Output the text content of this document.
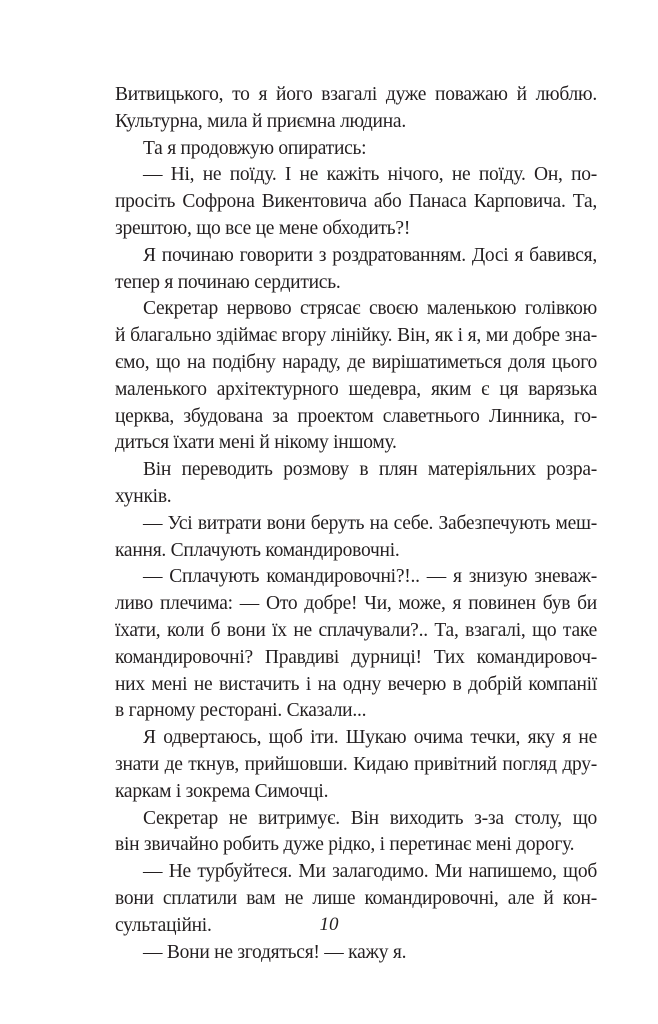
Витвицького, то я його взагалі дуже поважаю й люблю.
Культурна, мила й приємна людина.
Та я продовжую опиратись:
— Ні, не поїду. І не кажіть нічого, не поїду. Он, по-
просіть Софрона Викентовича або Панаса Карповича. Та,
зрештою, що все це мене обходить?!
Я починаю говорити з роздратованням. Досі я бавився,
тепер я починаю сердитись.
Секретар нервово стрясає своєю маленькою голівкою
й благально здіймає вгору лінійку. Він, як і я, ми добре зна-
ємо, що на подібну нараду, де вирішатиметься доля цього
маленького архітектурного шедевра, яким є ця варязька
церква, збудована за проектом славетнього Линника, го-
диться їхати мені й нікому іншому.
Він переводить розмову в плян матеріяльних розра-
хунків.
— Усі витрати вони беруть на себе. Забезпечують меш-
кання. Сплачують командировочні.
— Сплачують командировочні?!.. — я знизую зневаж-
ливо плечима: — Ото добре! Чи, може, я повинен був би
їхати, коли б вони їх не сплачували?.. Та, взагалі, що таке
командировочні? Правдиві дурниці! Тих командировоч-
них мені не вистачить і на одну вечерю в добрій компанії
в гарному ресторані. Сказали...
Я одвертаюсь, щоб іти. Шукаю очима течки, яку я не
знати де ткнув, прийшовши. Кидаю привітний погляд дру-
каркам і зокрема Симочці.
Секретар не витримує. Він виходить з-за столу, що
він звичайно робить дуже рідко, і перетинає мені дорогу.
— Не турбуйтеся. Ми залагодимо. Ми напишемо, щоб
вони сплатили вам не лише командировочні, але й кон-
сультаційні.
— Вони не згодяться! — кажу я.
10
